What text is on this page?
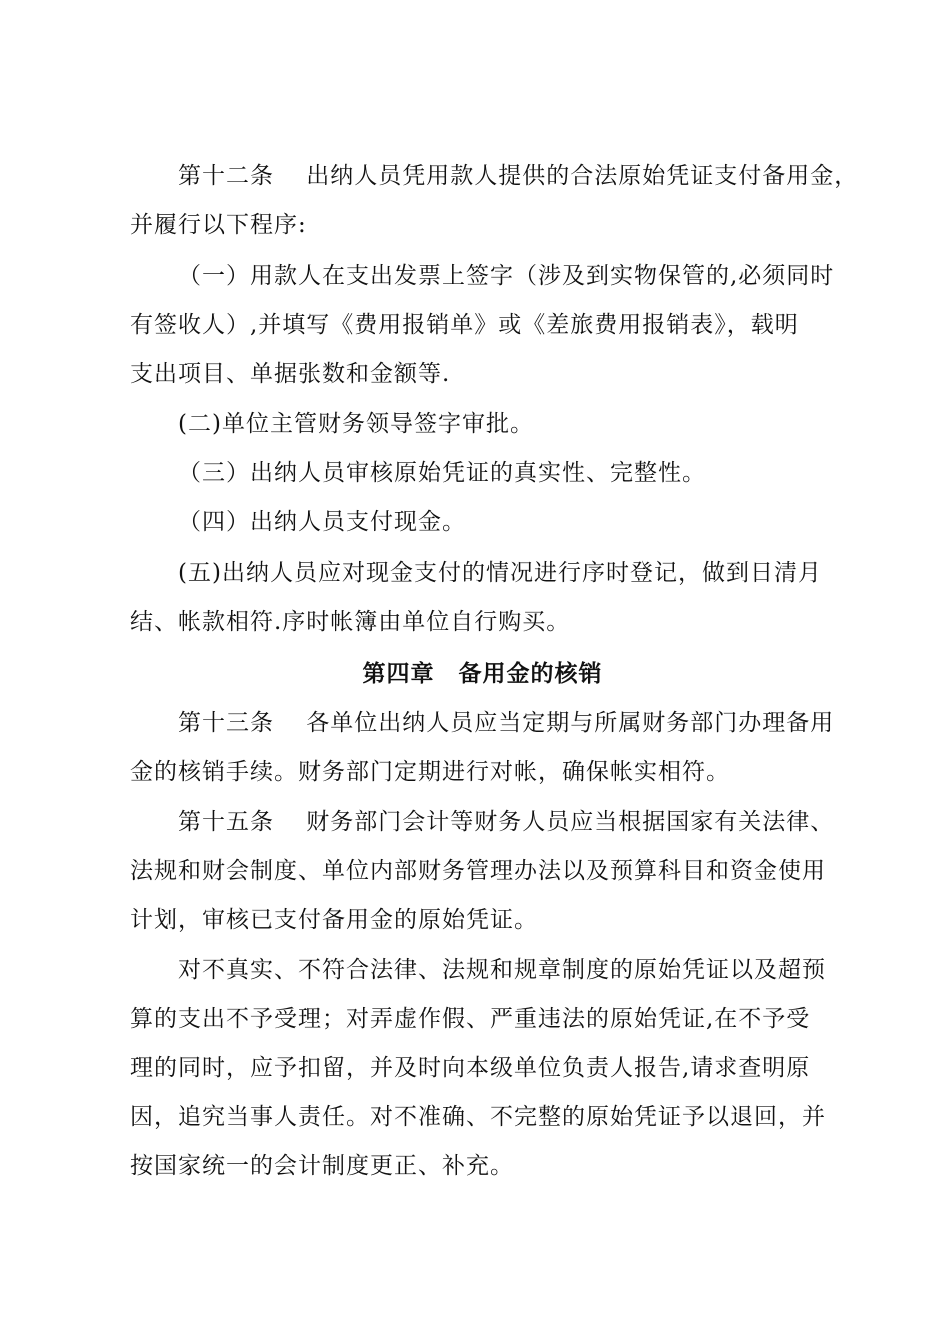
第十二条　 出纳人员凭用款人提供的合法原始凭证支付备用金，
并履行以下程序:
（一）用款人在支出发票上签字（涉及到实物保管的,必须同时
有签收人）,并填写《费用报销单》或《差旅费用报销表》，载明
支出项目、单据张数和金额等.
(二)单位主管财务领导签字审批。
（三）出纳人员审核原始凭证的真实性、完整性。
（四）出纳人员支付现金。
(五)出纳人员应对现金支付的情况进行序时登记，做到日清月
结、帐款相符.序时帐簿由单位自行购买。
第四章　备用金的核销
第十三条　 各单位出纳人员应当定期与所属财务部门办理备用
金的核销手续。财务部门定期进行对帐，确保帐实相符。
第十五条　 财务部门会计等财务人员应当根据国家有关法律、
法规和财会制度、单位内部财务管理办法以及预算科目和资金使用
计划，审核已支付备用金的原始凭证。
对不真实、不符合法律、法规和规章制度的原始凭证以及超预
算的支出不予受理；对弄虚作假、严重违法的原始凭证,在不予受
理的同时，应予扣留，并及时向本级单位负责人报告,请求查明原
因，追究当事人责任。对不准确、不完整的原始凭证予以退回，并
按国家统一的会计制度更正、补充。
